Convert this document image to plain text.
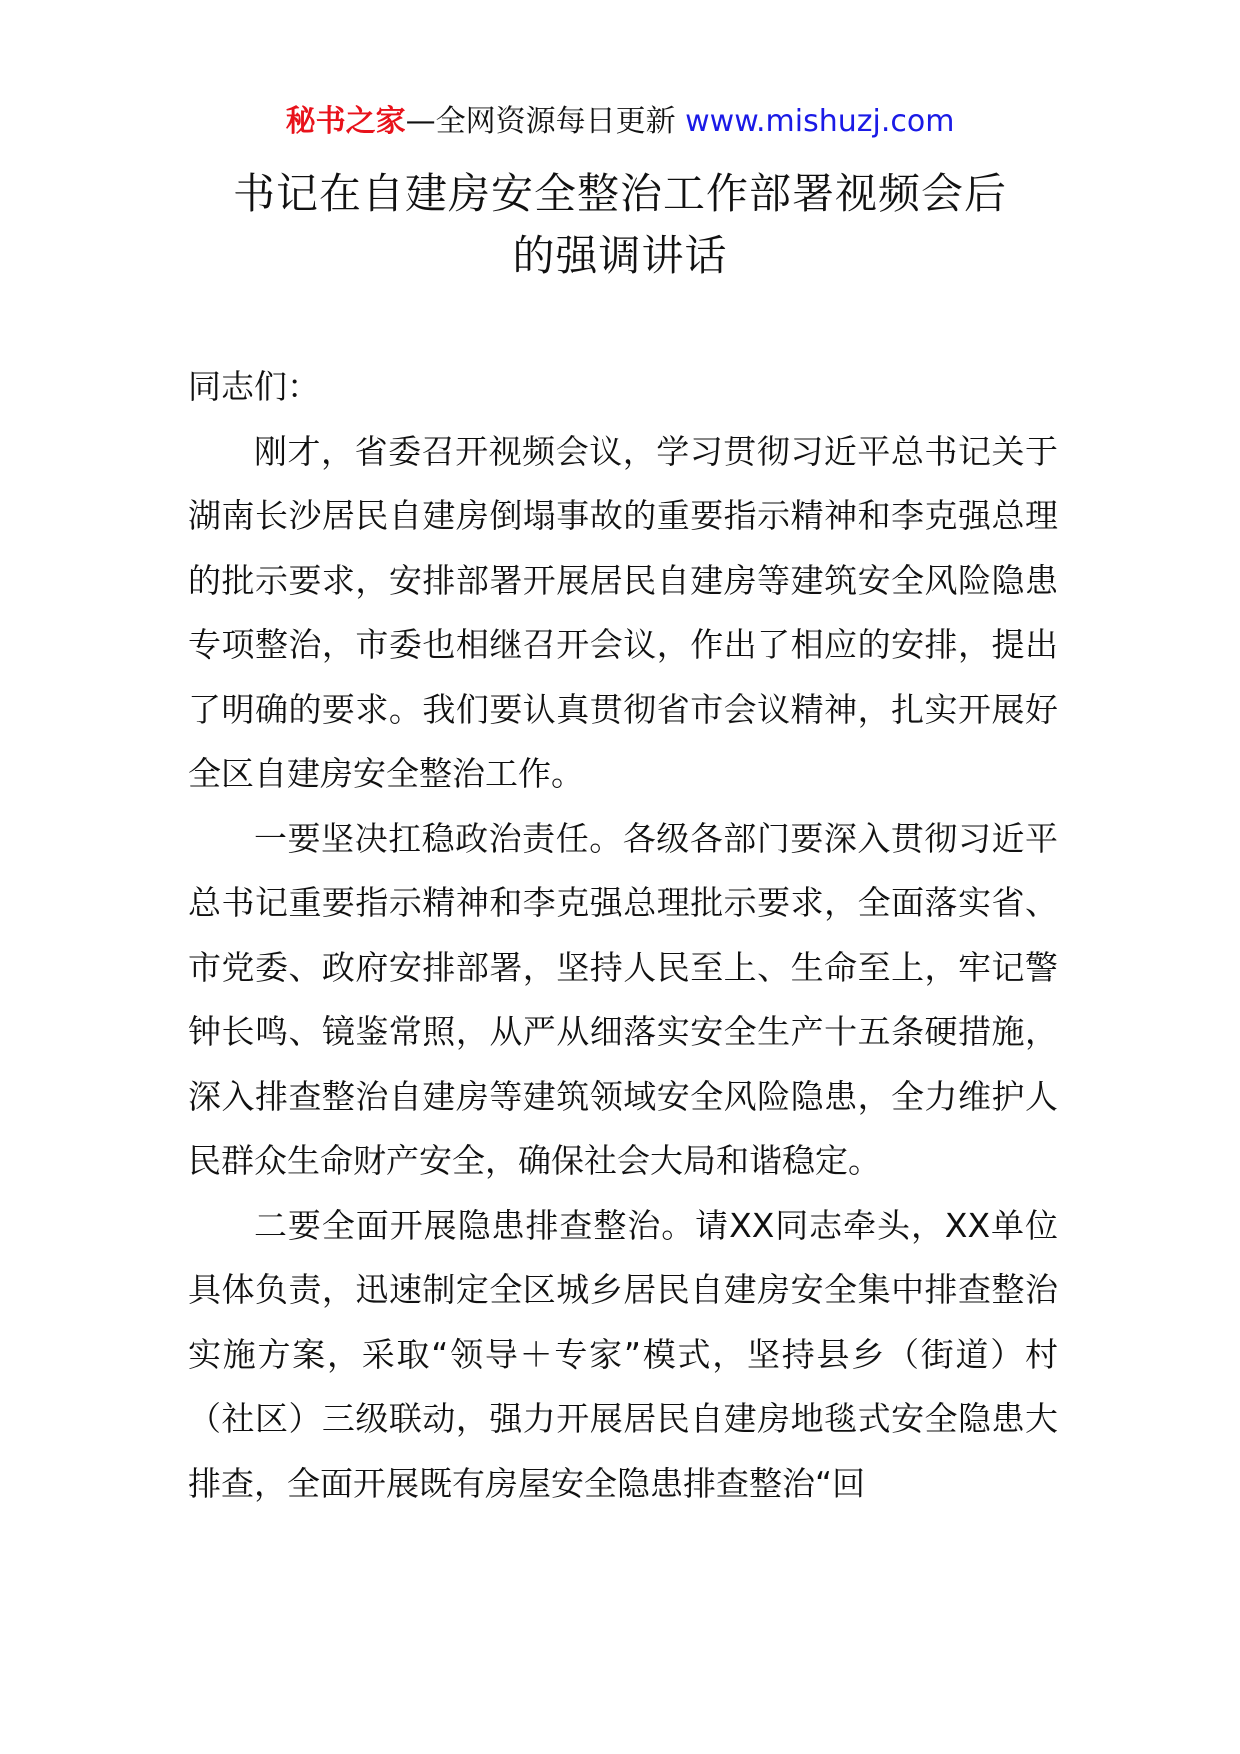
秘书之家—全网资源每日更新 www.mishuzj.com
书记在自建房安全整治工作部署视频会后
的强调讲话

同志们：

刚才，省委召开视频会议，学习贯彻习近平总书记关于湖南长沙居民自建房倒塌事故的重要指示精神和李克强总理的批示要求，安排部署开展居民自建房等建筑安全风险隐患专项整治，市委也相继召开会议，作出了相应的安排，提出了明确的要求。我们要认真贯彻省市会议精神，扎实开展好全区自建房安全整治工作。

一要坚决扛稳政治责任。各级各部门要深入贯彻习近平总书记重要指示精神和李克强总理批示要求，全面落实省、市党委、政府安排部署，坚持人民至上、生命至上，牢记警钟长鸣、镜鉴常照，从严从细落实安全生产十五条硬措施，深入排查整治自建房等建筑领域安全风险隐患，全力维护人民群众生命财产安全，确保社会大局和谐稳定。

二要全面开展隐患排查整治。请XX同志牵头，XX单位具体负责，迅速制定全区城乡居民自建房安全集中排查整治实施方案，采取“领导＋专家”模式，坚持县乡（街道）村（社区）三级联动，强力开展居民自建房地毯式安全隐患大排查，全面开展既有房屋安全隐患排查整治“回
